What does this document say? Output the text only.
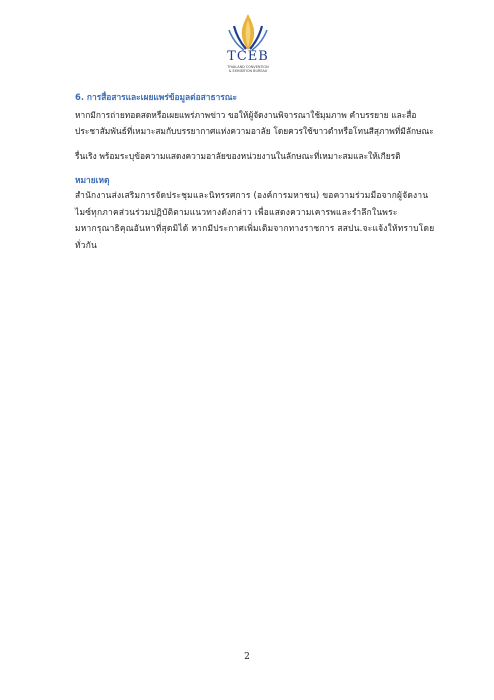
TCEB
THAILAND CONVENTION
& EXHIBITION BUREAU

6. การสื่อสารและเผยแพร่ข้อมูลต่อสาธารณะ

หากมีการถ่ายทอดสดหรือเผยแพร่ภาพข่าว ขอให้ผู้จัดงานพิจารณาใช้มุมภาพ คำบรรยาย และสื่อประชาสัมพันธ์ที่เหมาะสมกับบรรยากาศแห่งความอาลัย โดยควรใช้ขาวดำหรือโทนสีสุภาพที่มีลักษณะ

รื่นเริง พร้อมระบุข้อความแสดงความอาลัยของหน่วยงานในลักษณะที่เหมาะสมและให้เกียรติ

หมายเหตุ

สำนักงานส่งเสริมการจัดประชุมและนิทรรศการ (องค์การมหาชน) ขอความร่วมมือจากผู้จัดงานไมซ์ทุกภาคส่วนร่วมปฏิบัติตามแนวทางดังกล่าว เพื่อแสดงความเคารพและรำลึกในพระมหากรุณาธิคุณอันหาที่สุดมิได้ หากมีประกาศเพิ่มเติมจากทางราชการ สสปน.จะแจ้งให้ทราบโดยทั่วกัน

2
